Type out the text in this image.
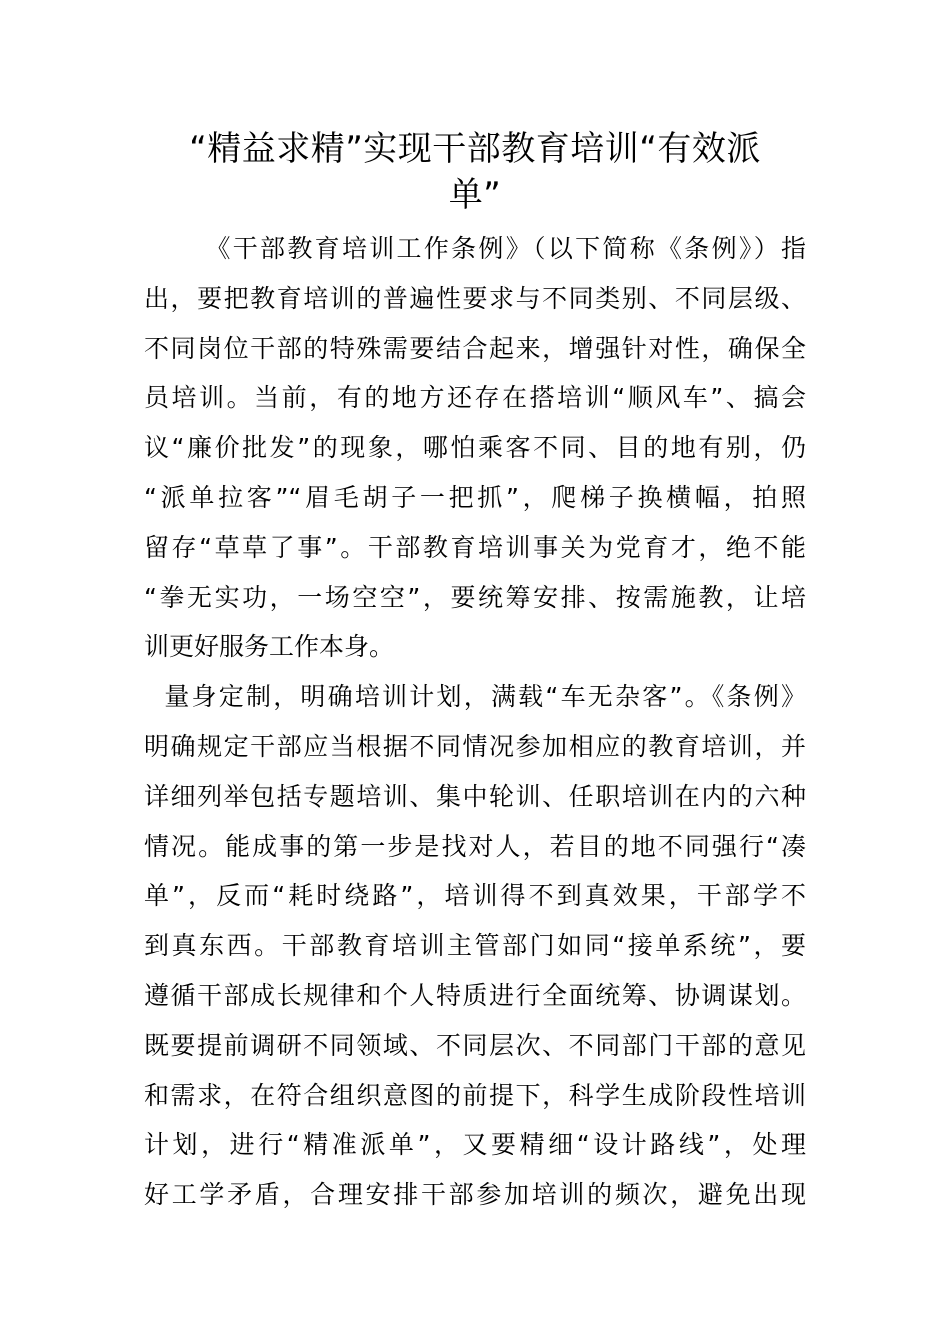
“精益求精”实现干部教育培训“有效派
单”
《干部教育培训工作条例》（以下简称《条例》）指
出，要把教育培训的普遍性要求与不同类别、不同层级、
不同岗位干部的特殊需要结合起来，增强针对性，确保全
员培训。当前，有的地方还存在搭培训“顺风车”、搞会
议“廉价批发”的现象，哪怕乘客不同、目的地有别，仍
“派单拉客”“眉毛胡子一把抓”，爬梯子换横幅，拍照
留存“草草了事”。干部教育培训事关为党育才，绝不能
“拳无实功，一场空空”，要统筹安排、按需施教，让培
训更好服务工作本身。
量身定制，明确培训计划，满载“车无杂客”。《条例》
明确规定干部应当根据不同情况参加相应的教育培训，并
详细列举包括专题培训、集中轮训、任职培训在内的六种
情况。能成事的第一步是找对人，若目的地不同强行“凑
单”，反而“耗时绕路”，培训得不到真效果，干部学不
到真东西。干部教育培训主管部门如同“接单系统”，要
遵循干部成长规律和个人特质进行全面统筹、协调谋划。
既要提前调研不同领域、不同层次、不同部门干部的意见
和需求，在符合组织意图的前提下，科学生成阶段性培训
计划，进行“精准派单”，又要精细“设计路线”，处理
好工学矛盾，合理安排干部参加培训的频次，避免出现
